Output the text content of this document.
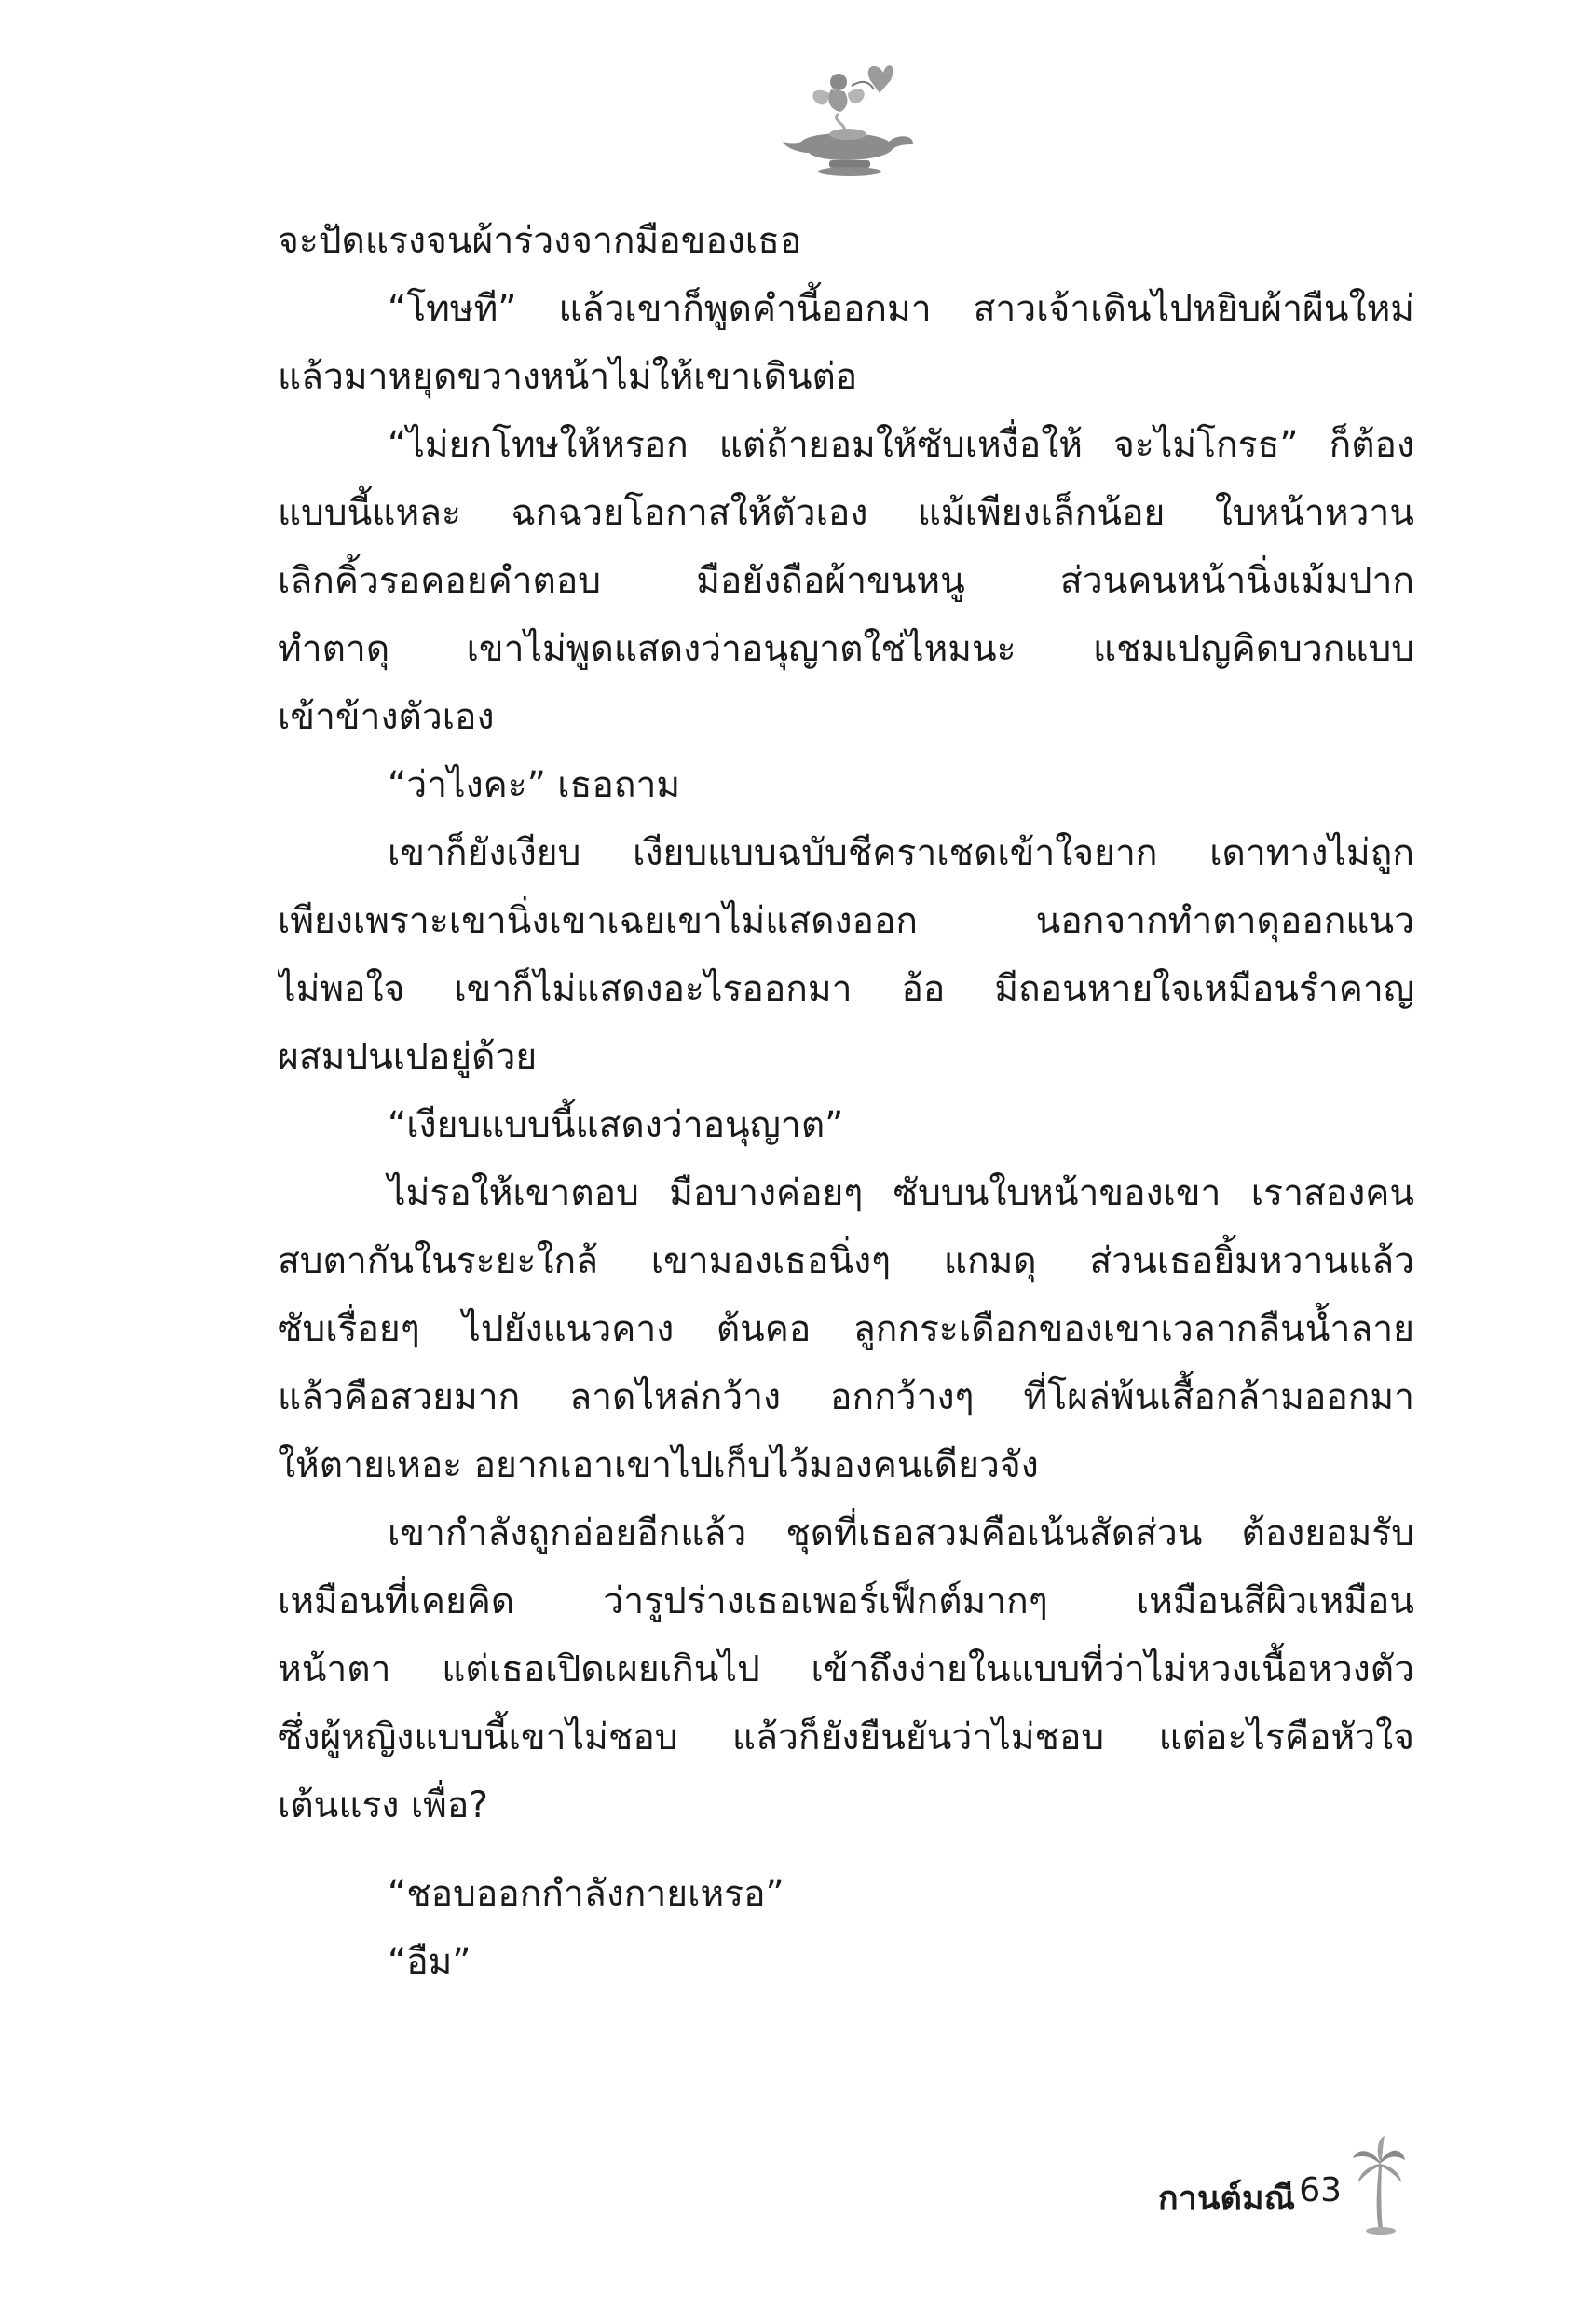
จะปัดแรงจนผ้าร่วงจากมือของเธอ
“โทษที” แล้วเขาก็พูดคำนี้ออกมา สาวเจ้าเดินไปหยิบผ้าผืนใหม่
แล้วมาหยุดขวางหน้าไม่ให้เขาเดินต่อ
“ไม่ยกโทษให้หรอก แต่ถ้ายอมให้ซับเหงื่อให้ จะไม่โกรธ” ก็ต้อง
แบบนี้แหละ ฉกฉวยโอกาสให้ตัวเอง แม้เพียงเล็กน้อย ใบหน้าหวาน
เลิกคิ้วรอคอยคำตอบ มือยังถือผ้าขนหนู ส่วนคนหน้านิ่งเม้มปาก
ทำตาดุ เขาไม่พูดแสดงว่าอนุญาตใช่ไหมนะ แชมเปญคิดบวกแบบ
เข้าข้างตัวเอง
“ว่าไงคะ” เธอถาม
เขาก็ยังเงียบ เงียบแบบฉบับชีคราเชดเข้าใจยาก เดาทางไม่ถูก
เพียงเพราะเขานิ่งเขาเฉยเขาไม่แสดงออก นอกจากทำตาดุออกแนว
ไม่พอใจ เขาก็ไม่แสดงอะไรออกมา อ้อ มีถอนหายใจเหมือนรำคาญ
ผสมปนเปอยู่ด้วย
“เงียบแบบนี้แสดงว่าอนุญาต”
ไม่รอให้เขาตอบ มือบางค่อยๆ ซับบนใบหน้าของเขา เราสองคน
สบตากันในระยะใกล้ เขามองเธอนิ่งๆ แกมดุ ส่วนเธอยิ้มหวานแล้ว
ซับเรื่อยๆ ไปยังแนวคาง ต้นคอ ลูกกระเดือกของเขาเวลากลืนน้ำลาย
แล้วคือสวยมาก ลาดไหล่กว้าง อกกว้างๆ ที่โผล่พ้นเสื้อกล้ามออกมา
ให้ตายเหอะ อยากเอาเขาไปเก็บไว้มองคนเดียวจัง
เขากำลังถูกอ่อยอีกแล้ว ชุดที่เธอสวมคือเน้นสัดส่วน ต้องยอมรับ
เหมือนที่เคยคิด ว่ารูปร่างเธอเพอร์เฟ็กต์มากๆ เหมือนสีผิวเหมือน
หน้าตา แต่เธอเปิดเผยเกินไป เข้าถึงง่ายในแบบที่ว่าไม่หวงเนื้อหวงตัว
ซึ่งผู้หญิงแบบนี้เขาไม่ชอบ แล้วก็ยังยืนยันว่าไม่ชอบ แต่อะไรคือหัวใจ
เต้นแรง เพื่อ?
“ชอบออกกำลังกายเหรอ”
“อืม”
กานต์มณี 63
